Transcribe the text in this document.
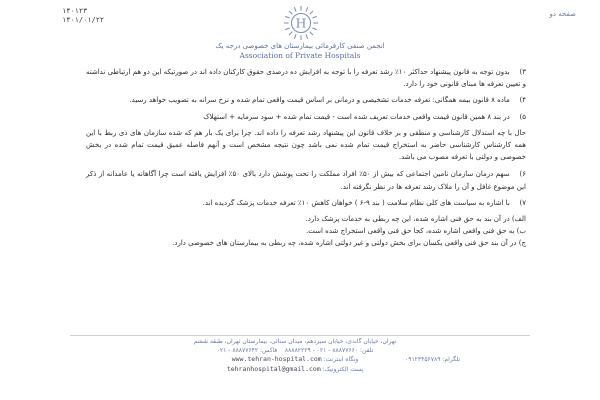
صفحه دو
۱۴۰۱۲۳
۱۴۰۱/۰۱/۲۲	H
انجمن صنفی کارفرمائی بیمارستان های خصوصی درجه یک
Association of Private Hospitals
۳) بدون توجه به قانون پیشنهاد حداکثر ۱۰٪ رشد تعرفه را با توجه به افزایش ده درصدی حقوق کارکنان داده اند در صورتیکه این دو هم ارتباطی نداشته و تعیین تعرفه ها مبنای قانونی خود را دارد.
۴) ماده ۸ قانون بیمه همگانی: تعرفه خدمات تشخیصی و درمانی بر اساس قیمت واقعی تمام شده و نرخ سرانه به تصویب خواهد رسید.
۵) در بند ۸ همین قانون قیمت واقعی خدمات تعریف شده است - قیمت تمام شده + سود سرمایه + استهلاک
حال با چه استدلال کارشناسی و منطقی و بر خلاف قانون این پیشنهاد رشد تعرفه را داده اند. چرا برای یک بار هم که شده سازمان های ذی ربط با این همه کارشناس کارشناسی حاضر به استخراج قیمت تمام شده نمی باشد چون نتیجه مشخص است و آنهم فاصله عمیق قیمت تمام شده در بخش خصوصی و دولتی با تعرفه مصوب می باشد.
۶) سهم درمان سازمان تامین اجتماعی که بیش از ۵۰٪ افراد مملکت را تحت پوشش دارد بالای ۵۰٪ افزایش یافته است چرا آگاهانه یا عامدانه از ذکر این موضوع غافل و آن را ملاک رشد تعرفه ها در نظر نگرفته اند.
۷) با اشاره به سیاست های کلی نظام سلامت ( بند ۹-۶ ) خواهان کاهش ۱۰٪ تعرفه خدمات پزشک گردیده اند.
الف) در آن بند به حق فنی اشاره شده، این چه ربطی به خدمات پزشک دارد.
ب) به حق فنی واقعی اشاره شده، کجا حق فنی واقعی استخراج شده است.
ج) در آن بند حق فنی واقعی یکسان برای بخش دولتی و غیر دولتی اشاره شده، چه ربطی به بیمارستان های خصوصی دارد.
تهران، خیابان گاندی، خیابان سیزدهم، میدان سنائی، بیمارستان تهران، طبقه ششم
تلفن: ۸۸۸۷۷۶۶۰ - ۰۲۱ - ۸۸۸۸۲۲۲۹    فاکس: ۸۸۸۷۷۶۴۲ - ۰۲۱
وبگاه اینترنت: www.tehran-hospital.com
پست الکترونیک: tehranhospital@gmail.com
تلگرام: ۰۹۱۲۳۴۵۶۷۸۹
